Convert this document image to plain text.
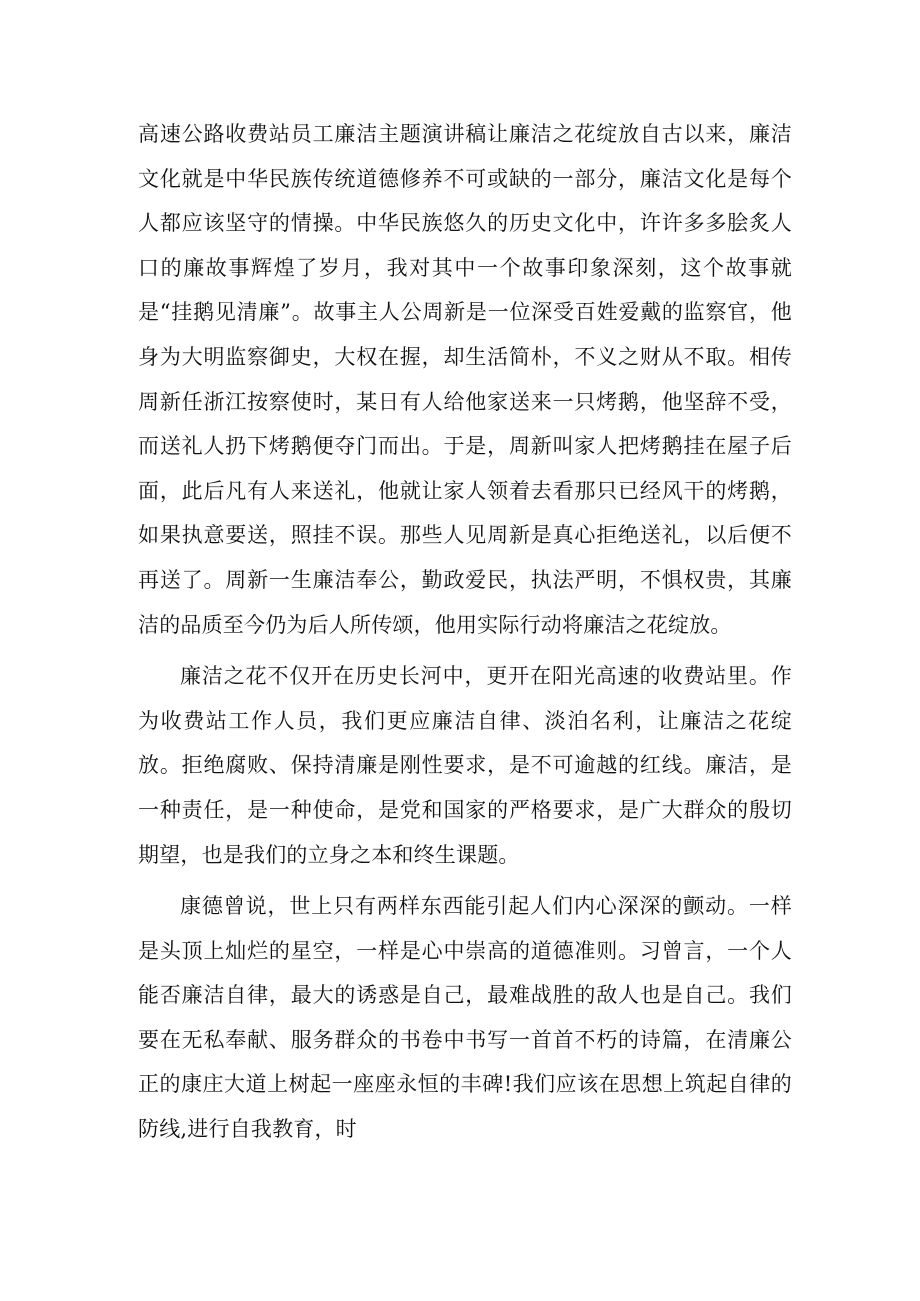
高速公路收费站员工廉洁主题演讲稿让廉洁之花绽放自古以来，廉洁文化就是中华民族传统道德修养不可或缺的一部分，廉洁文化是每个人都应该坚守的情操。中华民族悠久的历史文化中，许许多多脍炙人口的廉故事辉煌了岁月，我对其中一个故事印象深刻，这个故事就是“挂鹅见清廉”。故事主人公周新是一位深受百姓爱戴的监察官，他身为大明监察御史，大权在握，却生活简朴，不义之财从不取。相传周新任浙江按察使时，某日有人给他家送来一只烤鹅，他坚辞不受，而送礼人扔下烤鹅便夺门而出。于是，周新叫家人把烤鹅挂在屋子后面，此后凡有人来送礼，他就让家人领着去看那只已经风干的烤鹅，如果执意要送，照挂不误。那些人见周新是真心拒绝送礼，以后便不再送了。周新一生廉洁奉公，勤政爱民，执法严明，不惧权贵，其廉洁的品质至今仍为后人所传颂，他用实际行动将廉洁之花绽放。

廉洁之花不仅开在历史长河中，更开在阳光高速的收费站里。作为收费站工作人员，我们更应廉洁自律、淡泊名利，让廉洁之花绽放。拒绝腐败、保持清廉是刚性要求，是不可逾越的红线。廉洁，是一种责任，是一种使命，是党和国家的严格要求，是广大群众的殷切期望，也是我们的立身之本和终生课题。

康德曾说，世上只有两样东西能引起人们内心深深的颤动。一样是头顶上灿烂的星空，一样是心中崇高的道德准则。习曾言，一个人能否廉洁自律，最大的诱惑是自己，最难战胜的敌人也是自己。我们要在无私奉献、服务群众的书卷中书写一首首不朽的诗篇，在清廉公正的康庄大道上树起一座座永恒的丰碑!我们应该在思想上筑起自律的防线,进行自我教育，时
